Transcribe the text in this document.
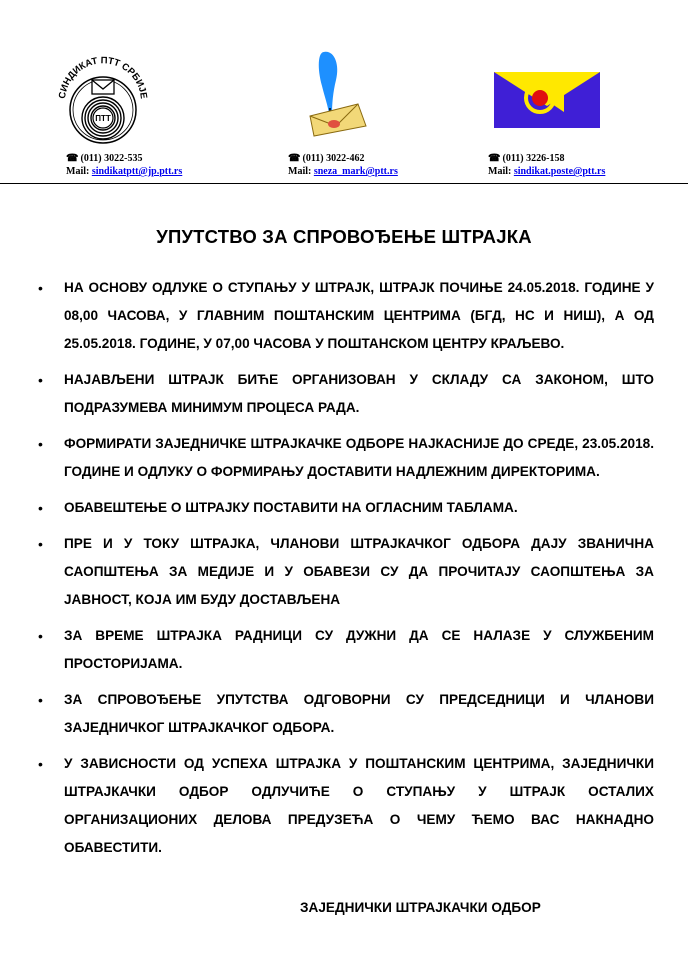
СИНДИКАТ ПТТ СРБИЈЕ
ПТТ
☎ (011) 3022-535
Mail: sindikatptt@jp.ptt.rs
☎ (011) 3022-462
Mail: sneza_mark@ptt.rs
☎ (011) 3226-158
Mail: sindikat.poste@ptt.rs
УПУТСТВО ЗА СПРОВОЂЕЊЕ ШТРАЈКА
• НА ОСНОВУ ОДЛУКЕ О СТУПАЊУ У ШТРАЈК, ШТРАЈК ПОЧИЊЕ 24.05.2018. ГОДИНЕ У 08,00 ЧАСОВА, У ГЛАВНИМ ПОШТАНСКИМ ЦЕНТРИМА (БГД, НС И НИШ), А ОД 25.05.2018. ГОДИНЕ, У 07,00 ЧАСОВА У ПОШТАНСКОМ ЦЕНТРУ КРАЉЕВО.
• НАЈАВЉЕНИ ШТРАЈК БИЋЕ ОРГАНИЗОВАН У СКЛАДУ СА ЗАКОНОМ, ШТО ПОДРАЗУМЕВА МИНИМУМ ПРОЦЕСА РАДА.
• ФОРМИРАТИ ЗАЈЕДНИЧКЕ ШТРАЈКАЧКЕ ОДБОРЕ НАЈКАСНИЈЕ ДО СРЕДЕ, 23.05.2018. ГОДИНЕ И ОДЛУКУ О ФОРМИРАЊУ ДОСТАВИТИ НАДЛЕЖНИМ ДИРЕКТОРИМА.
• ОБАВЕШТЕЊЕ О ШТРАЈКУ ПОСТАВИТИ НА ОГЛАСНИМ ТАБЛАМА.
• ПРЕ И У ТОКУ ШТРАЈКА, ЧЛАНОВИ ШТРАЈКАЧКОГ ОДБОРА ДАЈУ ЗВАНИЧНА САОПШТЕЊА ЗА МЕДИЈЕ И У ОБАВЕЗИ СУ ДА ПРОЧИТАЈУ САОПШТЕЊА ЗА ЈАВНОСТ, КОЈА ИМ БУДУ ДОСТАВЉЕНА
• ЗА ВРЕМЕ ШТРАЈКА РАДНИЦИ СУ ДУЖНИ ДА СЕ НАЛАЗЕ У СЛУЖБЕНИМ ПРОСТОРИЈАМА.
• ЗА СПРОВОЂЕЊЕ УПУТСТВА ОДГОВОРНИ СУ ПРЕДСЕДНИЦИ И ЧЛАНОВИ ЗАЈЕДНИЧКОГ ШТРАЈКАЧКОГ ОДБОРА.
• У ЗАВИСНОСТИ ОД УСПЕХА ШТРАЈКА У ПОШТАНСКИМ ЦЕНТРИМА, ЗАЈЕДНИЧКИ ШТРАЈКАЧКИ ОДБОР ОДЛУЧИЋЕ О СТУПАЊУ У ШТРАЈК ОСТАЛИХ ОРГАНИЗАЦИОНИХ ДЕЛОВА ПРЕДУЗЕЋА О ЧЕМУ ЋЕМО ВАС НАКНАДНО ОБАВЕСТИТИ.
ЗАЈЕДНИЧКИ ШТРАЈКАЧКИ ОДБОР
